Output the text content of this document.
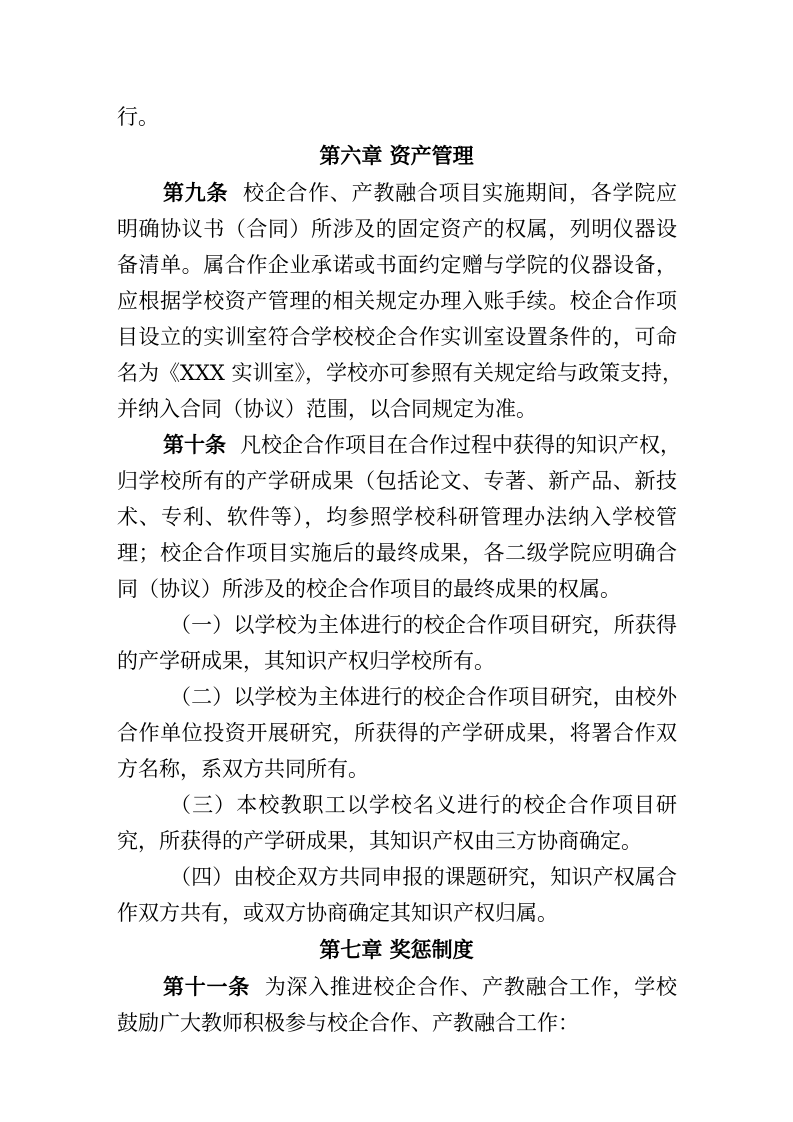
行。
第六章 资产管理
第九条 校企合作、产教融合项目实施期间，各学院应
明确协议书（合同）所涉及的固定资产的权属，列明仪器设
备清单。属合作企业承诺或书面约定赠与学院的仪器设备，
应根据学校资产管理的相关规定办理入账手续。校企合作项
目设立的实训室符合学校校企合作实训室设置条件的，可命
名为《XXX 实训室》，学校亦可参照有关规定给与政策支持，
并纳入合同（协议）范围，以合同规定为准。
第十条 凡校企合作项目在合作过程中获得的知识产权，
归学校所有的产学研成果（包括论文、专著、新产品、新技
术、专利、软件等），均参照学校科研管理办法纳入学校管
理；校企合作项目实施后的最终成果，各二级学院应明确合
同（协议）所涉及的校企合作项目的最终成果的权属。
（一）以学校为主体进行的校企合作项目研究，所获得
的产学研成果，其知识产权归学校所有。
（二）以学校为主体进行的校企合作项目研究，由校外
合作单位投资开展研究，所获得的产学研成果，将署合作双
方名称，系双方共同所有。
（三）本校教职工以学校名义进行的校企合作项目研
究，所获得的产学研成果，其知识产权由三方协商确定。
（四）由校企双方共同申报的课题研究，知识产权属合
作双方共有，或双方协商确定其知识产权归属。
第七章 奖惩制度
第十一条 为深入推进校企合作、产教融合工作，学校
鼓励广大教师积极参与校企合作、产教融合工作：
